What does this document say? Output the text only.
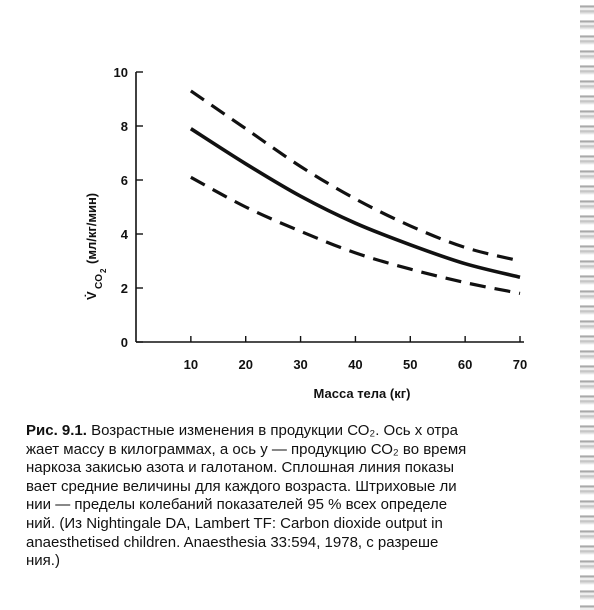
0
2
4
6
8
10
10	20	30	40	50	60	70
V̇
CO
2
(мл/кг/мин)
Масса тела (кг)
Рис. 9.1. Возрастные изменения в продукции СО₂. Ось x отра
жает массу в килограммах, а ось y — продукцию СО₂ во время
наркоза закисью азота и галотаном. Сплошная линия показы
вает средние величины для каждого возраста. Штриховые ли
нии — пределы колебаний показателей 95 % всех определе
ний. (Из Nightingale DA, Lambert TF: Carbon dioxide output in
anaesthetised children. Anaesthesia 33:594, 1978, с разреше
ния.)
